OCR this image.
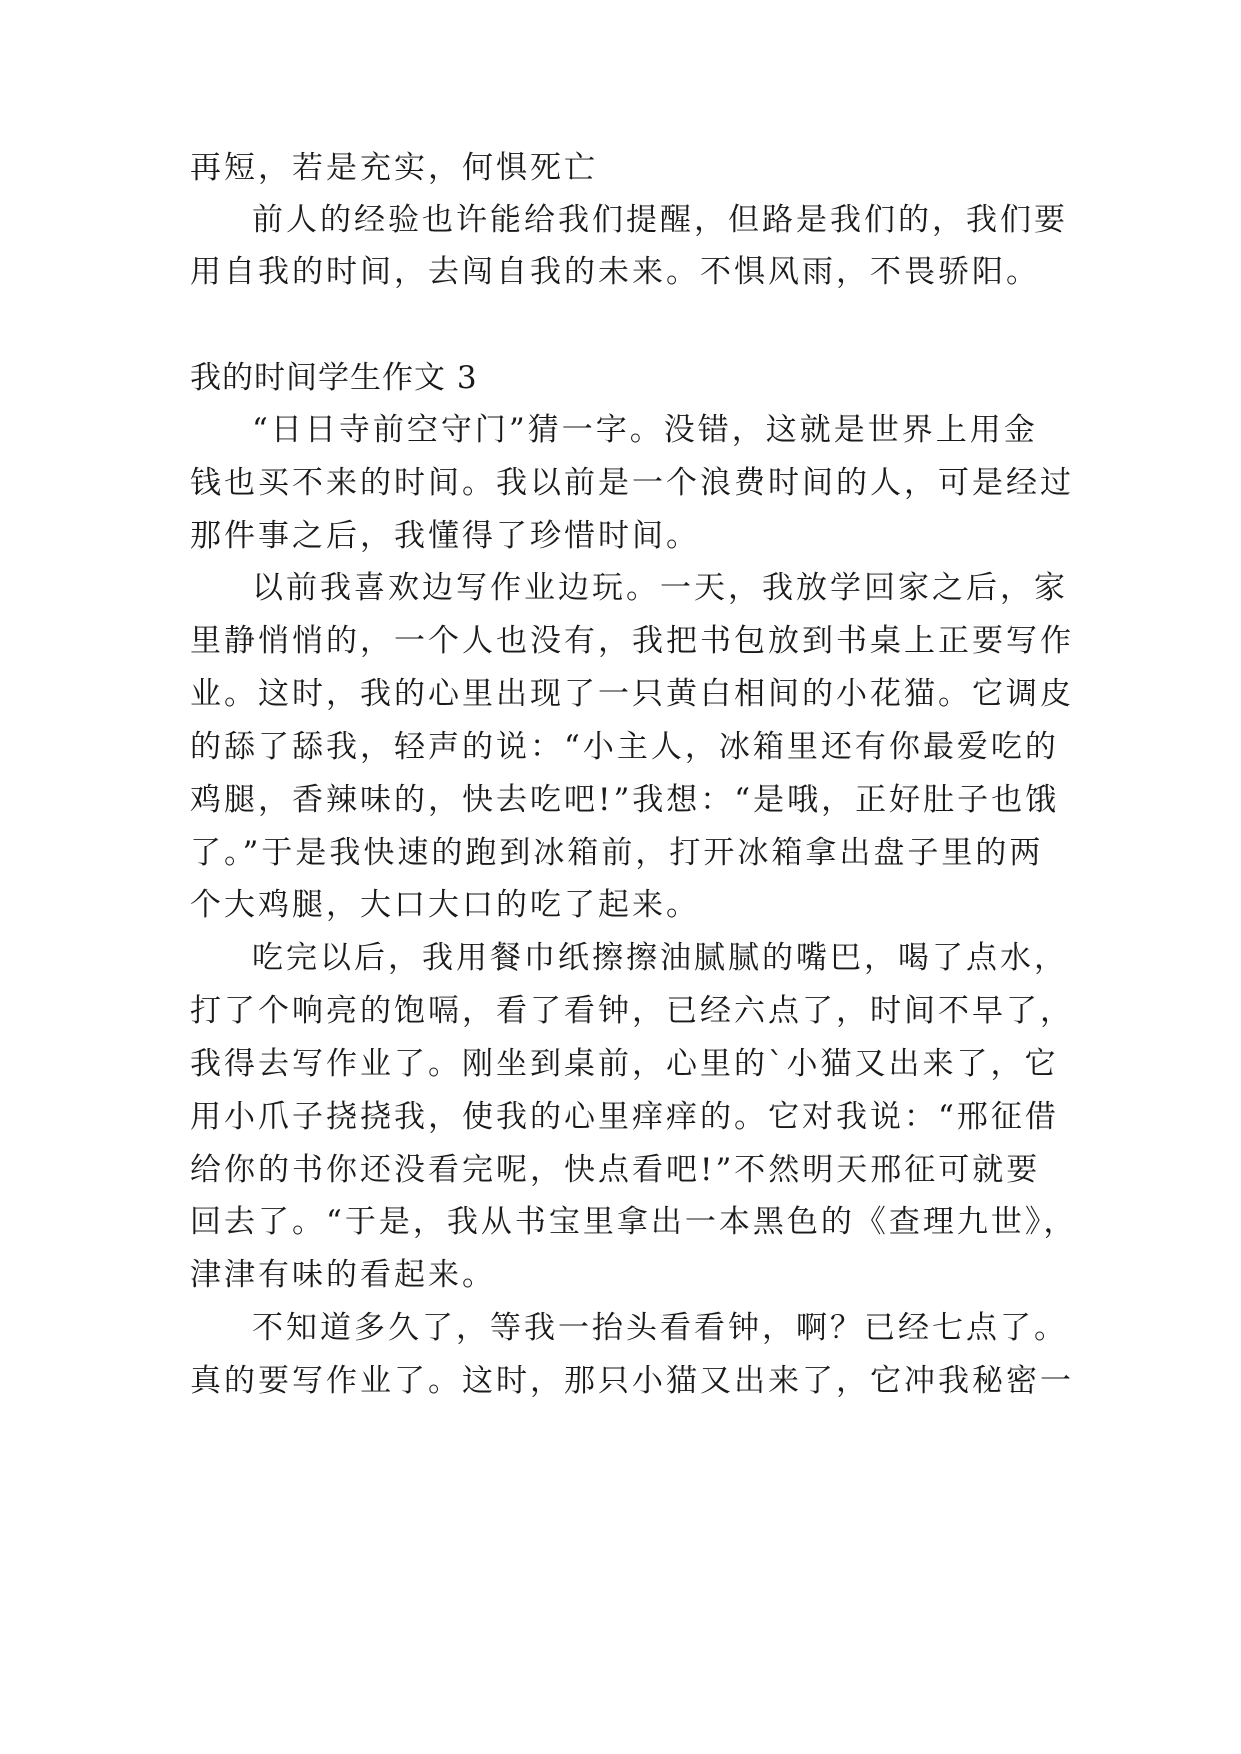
再短，若是充实，何惧死亡

前人的经验也许能给我们提醒，但路是我们的，我们要

用自我的时间，去闯自我的未来。不惧风雨，不畏骄阳。

我的时间学生作文 3

“日日寺前空守门”猜一字。没错，这就是世界上用金

钱也买不来的时间。我以前是一个浪费时间的人，可是经过

那件事之后，我懂得了珍惜时间。

以前我喜欢边写作业边玩。一天，我放学回家之后，家

里静悄悄的，一个人也没有，我把书包放到书桌上正要写作

业。这时，我的心里出现了一只黄白相间的小花猫。它调皮

的舔了舔我，轻声的说：“小主人，冰箱里还有你最爱吃的

鸡腿，香辣味的，快去吃吧!”我想：“是哦，正好肚子也饿

了。”于是我快速的跑到冰箱前，打开冰箱拿出盘子里的两

个大鸡腿，大口大口的吃了起来。

吃完以后，我用餐巾纸擦擦油腻腻的嘴巴，喝了点水，

打了个响亮的饱嗝，看了看钟，已经六点了，时间不早了，

我得去写作业了。刚坐到桌前，心里的`小猫又出来了，它

用小爪子挠挠我，使我的心里痒痒的。它对我说：“邢征借

给你的书你还没看完呢，快点看吧!”不然明天邢征可就要

回去了。“于是，我从书宝里拿出一本黑色的《查理九世》，

津津有味的看起来。

不知道多久了，等我一抬头看看钟，啊？已经七点了。

真的要写作业了。这时，那只小猫又出来了，它冲我秘密一
